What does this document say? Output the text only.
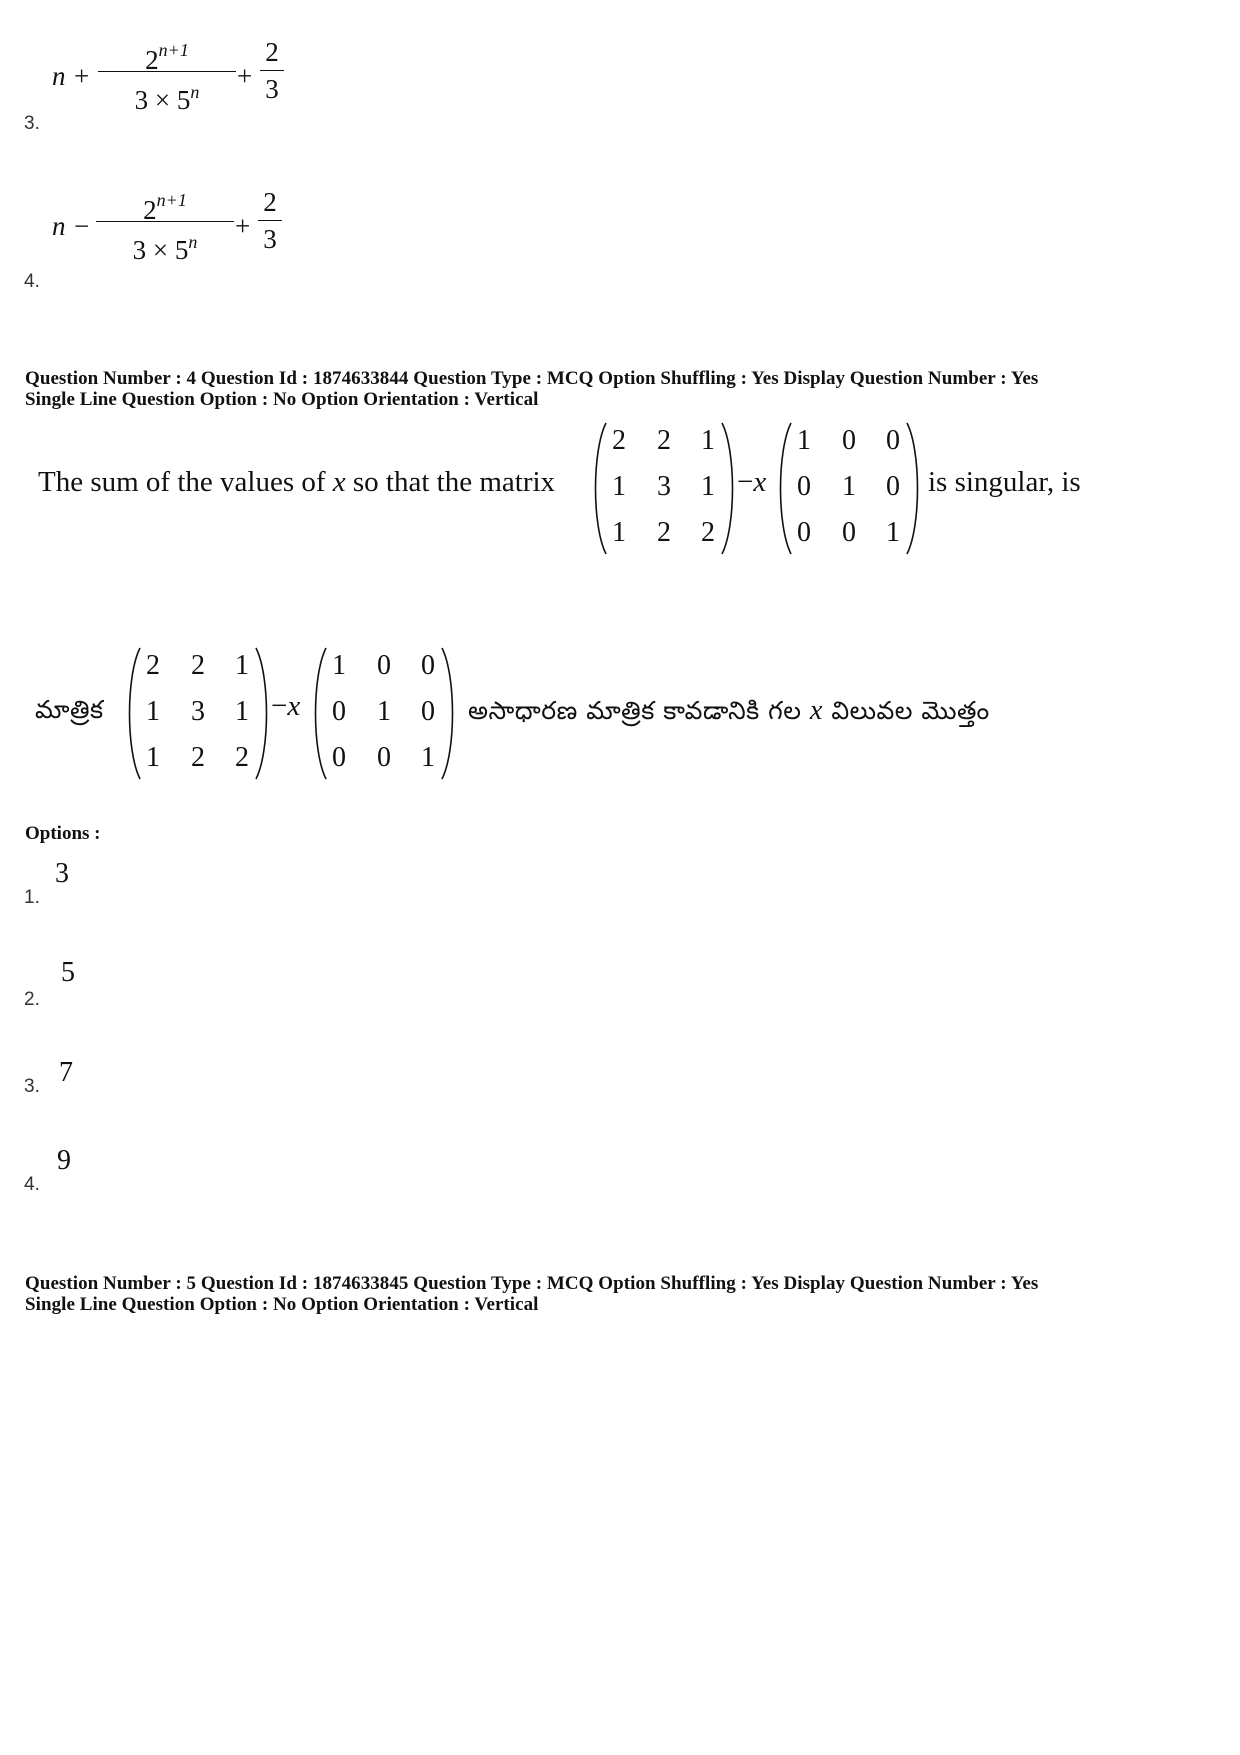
3.
n +
$2^{n+1}$
$3 \times 5^n$
+
2
3
4.
n −
$2^{n+1}$
$3 \times 5^n$
+
2
3
Question Number : 4 Question Id : 1874633844 Question Type : MCQ Option Shuffling : Yes Display Question Number : Yes
Single Line Question Option : No Option Orientation : Vertical
The sum of the values of x so that the matrix
2 2 1
1 3 1
1 2 2
−x
1 0 0
0 1 0
0 0 1
is singular, is
మాత్రిక
2 2 1
1 3 1
1 2 2
−x
1 0 0
0 1 0
0 0 1
అసాధారణ మాత్రిక కావడానికి గల x విలువల మొత్తం
Options :
1.
3
2.
5
3. 7
4.
9
Question Number : 5 Question Id : 1874633845 Question Type : MCQ Option Shuffling : Yes Display Question Number : Yes
Single Line Question Option : No Option Orientation : Vertical
